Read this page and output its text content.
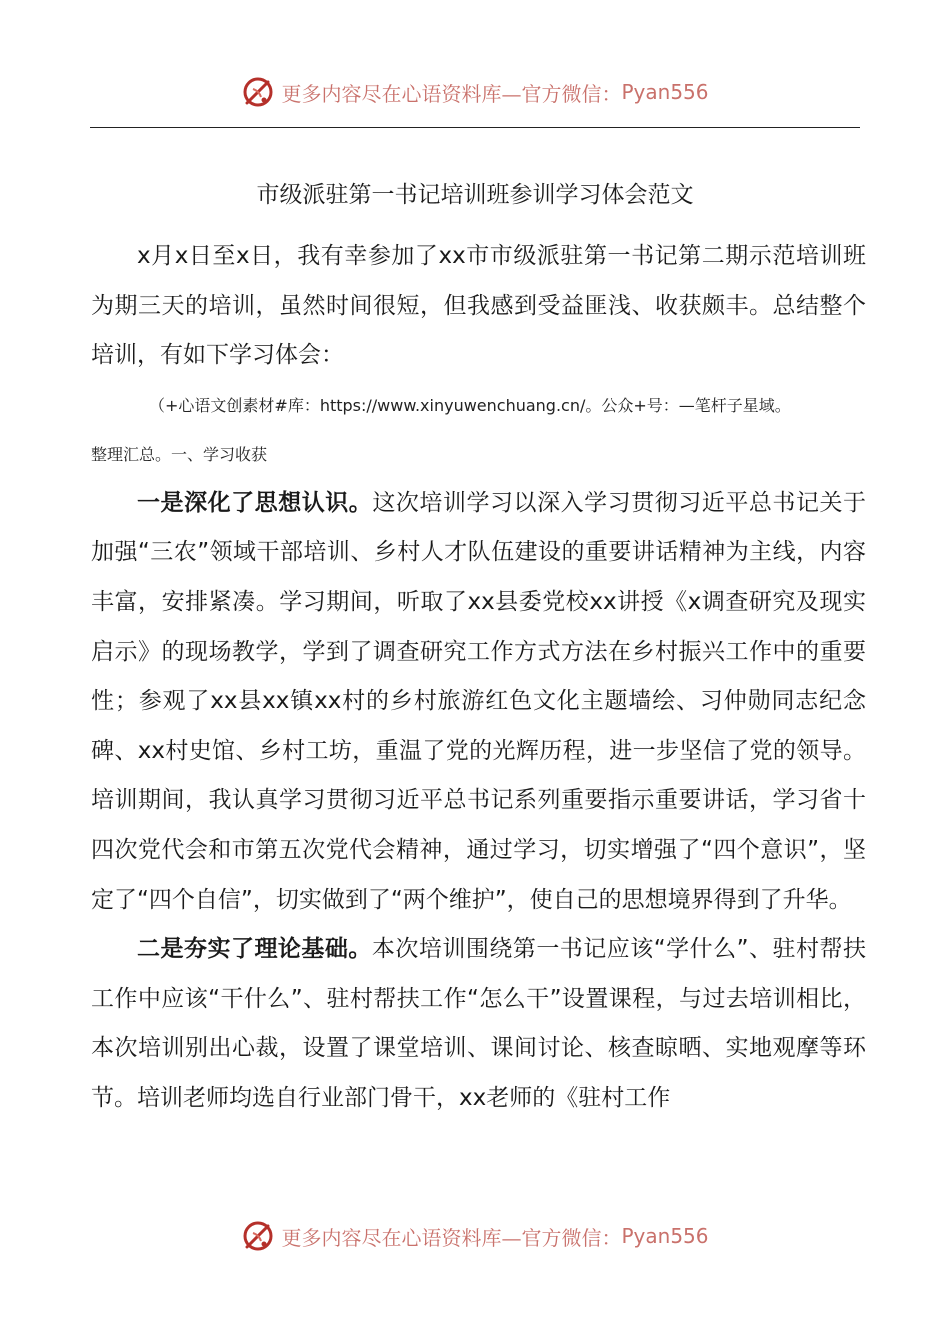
更多内容尽在心语资料库—官方微信： Pyan556
市级派驻第一书记培训班参训学习体会范文

x月x日至x日，我有幸参加了xx市市级派驻第一书记第二期示范培训班为期三天的培训，虽然时间很短，但我感到受益匪浅、收获颇丰。总结整个培训，有如下学习体会：

（+心语文创素材#库：https://www.xinyuwenchuang.cn/。公众+号：—笔杆子星域。

整理汇总。一、学习收获

一是深化了思想认识。这次培训学习以深入学习贯彻习近平总书记关于加强“三农”领域干部培训、乡村人才队伍建设的重要讲话精神为主线，内容丰富，安排紧凑。学习期间，听取了xx县委党校xx讲授《x调查研究及现实启示》的现场教学，学到了调查研究工作方式方法在乡村振兴工作中的重要性；参观了xx县xx镇xx村的乡村旅游红色文化主题墙绘、习仲勋同志纪念碑、xx村史馆、乡村工坊，重温了党的光辉历程，进一步坚信了党的领导。培训期间，我认真学习贯彻习近平总书记系列重要指示重要讲话，学习省十四次党代会和市第五次党代会精神，通过学习，切实增强了“四个意识”，坚定了“四个自信”，切实做到了“两个维护”，使自己的思想境界得到了升华。

二是夯实了理论基础。本次培训围绕第一书记应该“学什么”、驻村帮扶工作中应该“干什么”、驻村帮扶工作“怎么干”设置课程，与过去培训相比，本次培训别出心裁，设置了课堂培训、课间讨论、核查晾晒、实地观摩等环节。培训老师均选自行业部门骨干，xx老师的《驻村工作

更多内容尽在心语资料库—官方微信： Pyan556
